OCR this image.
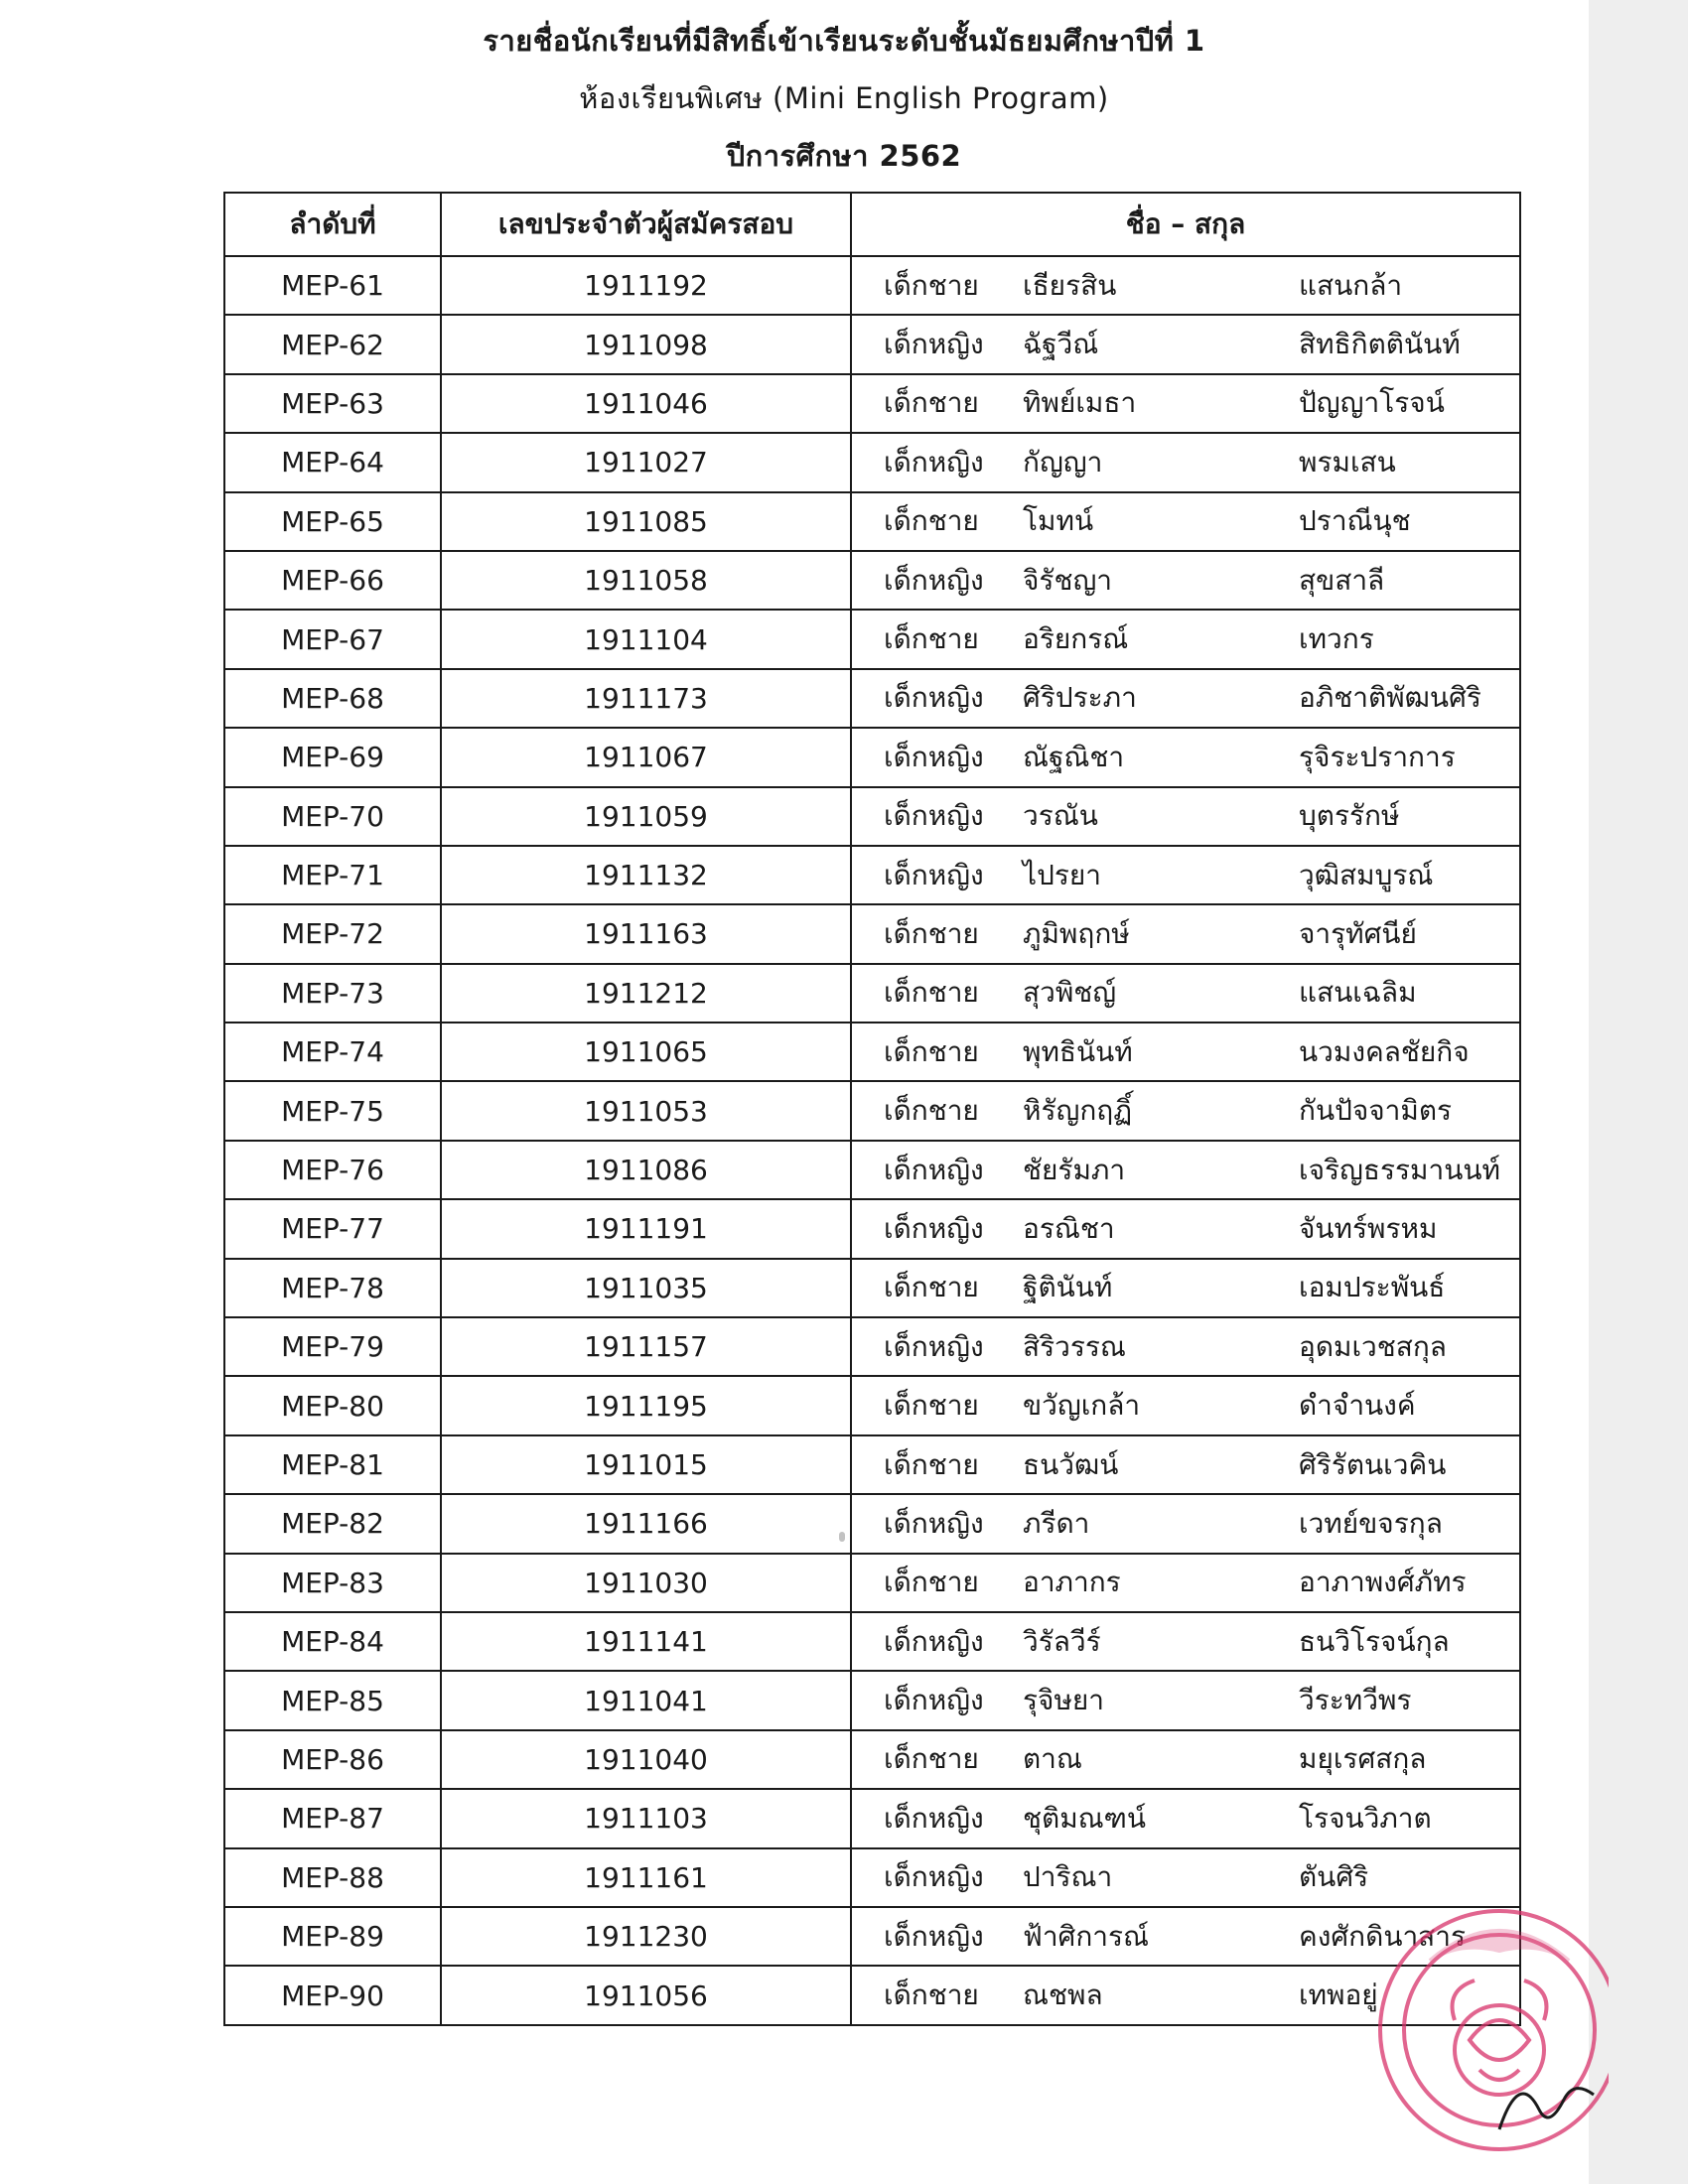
รายชื่อนักเรียนที่มีสิทธิ์เข้าเรียนระดับชั้นมัธยมศึกษาปีที่ 1
ห้องเรียนพิเศษ (Mini English Program)
ปีการศึกษา 2562
ลำดับที่	เลขประจำตัวผู้สมัครสอบ	ชื่อ – สกุล
MEP-61	1911192	เด็กชาย เธียรสิน แสนกล้า

MEP-62	1911098	เด็กหญิง ฉัฐวีณ์ สิทธิกิตตินันท์

MEP-63	1911046	เด็กชาย ทิพย์เมธา ปัญญาโรจน์

MEP-64	1911027	เด็กหญิง กัญญา พรมเสน

MEP-65	1911085	เด็กชาย โมทน์ ปราณีนุช

MEP-66	1911058	เด็กหญิง จิรัชญา สุขสาลี

MEP-67	1911104	เด็กชาย อริยกรณ์ เทวกร

MEP-68	1911173	เด็กหญิง ศิริประภา อภิชาติพัฒนศิริ

MEP-69	1911067	เด็กหญิง ณัฐณิชา รุจิระปราการ

MEP-70	1911059	เด็กหญิง วรณัน บุตรรักษ์

MEP-71	1911132	เด็กหญิง ไปรยา วุฒิสมบูรณ์

MEP-72	1911163	เด็กชาย ภูมิพฤกษ์ จารุทัศนีย์

MEP-73	1911212	เด็กชาย สุวพิชญ์ แสนเฉลิม

MEP-74	1911065	เด็กชาย พุทธินันท์ นวมงคลชัยกิจ

MEP-75	1911053	เด็กชาย หิรัญกฤฏิ์ กันปัจจามิตร

MEP-76	1911086	เด็กหญิง ชัยรัมภา เจริญธรรมานนท์

MEP-77	1911191	เด็กหญิง อรณิชา จันทร์พรหม

MEP-78	1911035	เด็กชาย ฐิตินันท์ เอมประพันธ์

MEP-79	1911157	เด็กหญิง สิริวรรณ อุดมเวชสกุล

MEP-80	1911195	เด็กชาย ขวัญเกล้า ดำจำนงค์

MEP-81	1911015	เด็กชาย ธนวัฒน์ ศิริรัตนเวคิน

MEP-82	1911166	เด็กหญิง ภรีดา เวทย์ขจรกุล

MEP-83	1911030	เด็กชาย อาภากร อาภาพงศ์ภัทร

MEP-84	1911141	เด็กหญิง วิรัลวีร์ ธนวิโรจน์กุล

MEP-85	1911041	เด็กหญิง รุจิษยา วีระทวีพร

MEP-86	1911040	เด็กชาย ตาณ มยุเรศสกุล

MEP-87	1911103	เด็กหญิง ชุติมณฑน์ โรจนวิภาต

MEP-88	1911161	เด็กหญิง ปาริณา ตันศิริ

MEP-89	1911230	เด็กหญิง ฟ้าศิการณ์ คงศักดินาสาร

MEP-90	1911056	เด็กชาย ณชพล เทพอยู่
